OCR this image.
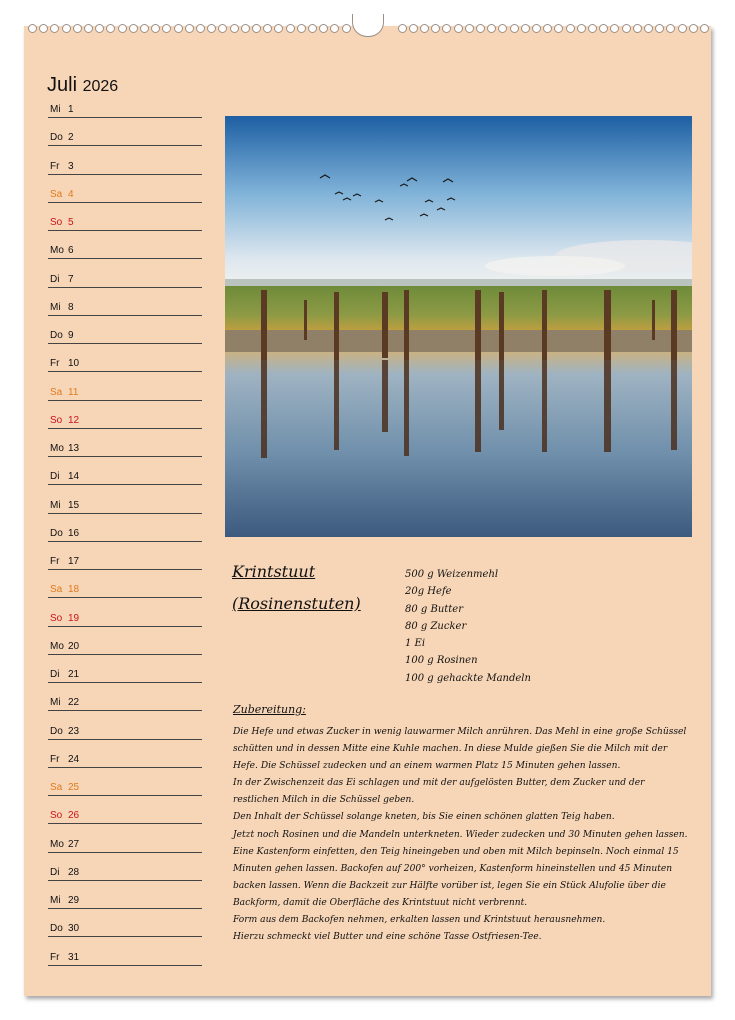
Juli 2026
Mi 1
Do 2
Fr 3
Sa 4
So 5
Mo 6
Di 7
Mi 8
Do 9
Fr 10
Sa 11
So 12
Mo 13
Di 14
Mi 15
Do 16
Fr 17
Sa 18
So 19
Mo 20
Di 21
Mi 22
Do 23
Fr 24
Sa 25
So 26
Mo 27
Di 28
Mi 29
Do 30
Fr 31
Krintstuut
(Rosinenstuten)
500 g Weizenmehl
20g Hefe
80 g Butter
80 g Zucker
1 Ei
100 g Rosinen
100 g gehackte Mandeln
Zubereitung:
Die Hefe und etwas Zucker in wenig lauwarmer Milch anrühren. Das Mehl in eine große Schüssel schütten und in dessen Mitte eine Kuhle machen. In diese Mulde gießen Sie die Milch mit der Hefe. Die Schüssel zudecken und an einem warmen Platz 15 Minuten gehen lassen.
In der Zwischenzeit das Ei schlagen und mit der aufgelösten Butter, dem Zucker und der restlichen Milch in die Schüssel geben.
Den Inhalt der Schüssel solange kneten, bis Sie einen schönen glatten Teig haben.
Jetzt noch Rosinen und die Mandeln unterkneten. Wieder zudecken und 30 Minuten gehen lassen.
Eine Kastenform einfetten, den Teig hineingeben und oben mit Milch bepinseln. Noch einmal 15 Minuten gehen lassen. Backofen auf 200° vorheizen, Kastenform hineinstellen und 45 Minuten backen lassen. Wenn die Backzeit zur Hälfte vorüber ist, legen Sie ein Stück Alufolie über die Backform, damit die Oberfläche des Krintstuut nicht verbrennt.
Form aus dem Backofen nehmen, erkalten lassen und Krintstuut herausnehmen.
Hierzu schmeckt viel Butter und eine schöne Tasse Ostfriesen-Tee.
